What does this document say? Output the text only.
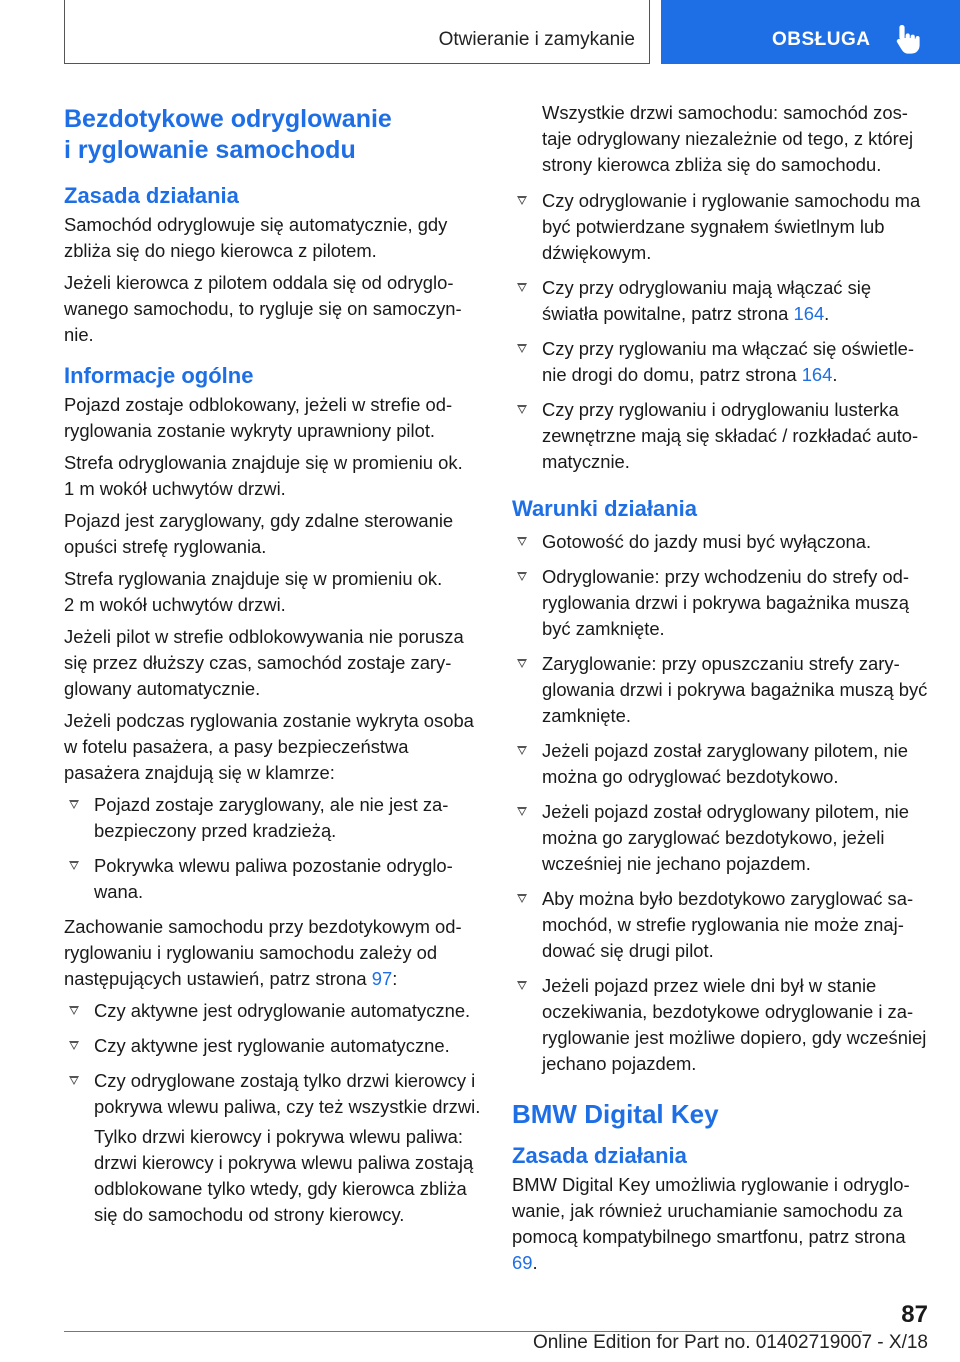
Otwieranie i zamykanie	OBSŁUGA
Bezdotykowe odryglowanie
i ryglowanie samochodu
Zasada działania
Samochód odryglowuje się automatycznie, gdy zbliża się do niego kierowca z pilotem.
Jeżeli kierowca z pilotem oddala się od odryglowanego samochodu, to rygluje się on samoczynnie.
Informacje ogólne
Pojazd zostaje odblokowany, jeżeli w strefie odryglowania zostanie wykryty uprawniony pilot.
Strefa odryglowania znajduje się w promieniu ok.
1 m wokół uchwytów drzwi.
Pojazd jest zaryglowany, gdy zdalne sterowanie opuści strefę ryglowania.
Strefa ryglowania znajduje się w promieniu ok.
2 m wokół uchwytów drzwi.
Jeżeli pilot w strefie odblokowywania nie porusza się przez dłuższy czas, samochód zostaje zaryglowany automatycznie.
Jeżeli podczas ryglowania zostanie wykryta osoba w fotelu pasażera, a pasy bezpieczeństwa pasażera znajdują się w klamrze:
Pojazd zostaje zaryglowany, ale nie jest zabezpieczony przed kradzieżą.
Pokrywka wlewu paliwa pozostanie odryglowana.
Zachowanie samochodu przy bezdotykowym odryglowaniu i ryglowaniu samochodu zależy od następujących ustawień, patrz strona 97:
Czy aktywne jest odryglowanie automatyczne.
Czy aktywne jest ryglowanie automatyczne.
Czy odryglowane zostają tylko drzwi kierowcy i pokrywa wlewu paliwa, czy też wszystkie drzwi.
Tylko drzwi kierowcy i pokrywa wlewu paliwa: drzwi kierowcy i pokrywa wlewu paliwa zostają odblokowane tylko wtedy, gdy kierowca zbliża się do samochodu od strony kierowcy.
Wszystkie drzwi samochodu: samochód zostaje odryglowany niezależnie od tego, z której strony kierowca zbliża się do samochodu.
Czy odryglowanie i ryglowanie samochodu ma być potwierdzane sygnałem świetlnym lub dźwiękowym.
Czy przy odryglowaniu mają włączać się światła powitalne, patrz strona 164.
Czy przy ryglowaniu ma włączać się oświetlenie drogi do domu, patrz strona 164.
Czy przy ryglowaniu i odryglowaniu lusterka zewnętrzne mają się składać / rozkładać automatycznie.
Warunki działania
Gotowość do jazdy musi być wyłączona.
Odryglowanie: przy wchodzeniu do strefy odryglowania drzwi i pokrywa bagażnika muszą być zamknięte.
Zaryglowanie: przy opuszczaniu strefy zaryglowania drzwi i pokrywa bagażnika muszą być zamknięte.
Jeżeli pojazd został zaryglowany pilotem, nie można go odryglować bezdotykowo.
Jeżeli pojazd został odryglowany pilotem, nie można go zaryglować bezdotykowo, jeżeli wcześniej nie jechano pojazdem.
Aby można było bezdotykowo zaryglować samochód, w strefie ryglowania nie może znajdować się drugi pilot.
Jeżeli pojazd przez wiele dni był w stanie oczekiwania, bezdotykowe odryglowanie i zaryglowanie jest możliwe dopiero, gdy wcześniej jechano pojazdem.
BMW Digital Key
Zasada działania
BMW Digital Key umożliwia ryglowanie i odryglowanie, jak również uruchamianie samochodu za pomocą kompatybilnego smartfonu, patrz strona 69.
87
Online Edition for Part no. 01402719007 - X/18
